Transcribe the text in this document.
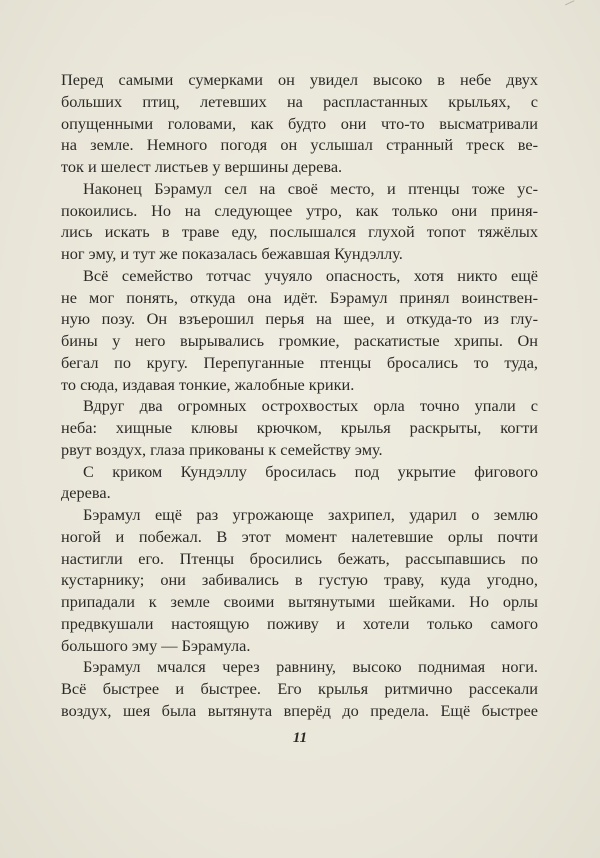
Перед самыми сумерками он увидел высоко в небе двух
больших птиц, летевших на распластанных крыльях, с
опущенными головами, как будто они что-то высматривали
на земле. Немного погодя он услышал странный треск ве-
ток и шелест листьев у вершины дерева.
Наконец Бэрамул сел на своё место, и птенцы тоже ус-
покоились. Но на следующее утро, как только они приня-
лись искать в траве еду, послышался глухой топот тяжёлых
ног эму, и тут же показалась бежавшая Кундэллу.
Всё семейство тотчас учуяло опасность, хотя никто ещё
не мог понять, откуда она идёт. Бэрамул принял воинствен-
ную позу. Он взъерошил перья на шее, и откуда-то из глу-
бины у него вырывались громкие, раскатистые хрипы. Он
бегал по кругу. Перепуганные птенцы бросались то туда,
то сюда, издавая тонкие, жалобные крики.
Вдруг два огромных острохвостых орла точно упали с
неба: хищные клювы крючком, крылья раскрыты, когти
рвут воздух, глаза прикованы к семейству эму.
С криком Кундэллу бросилась под укрытие фигового
дерева.
Бэрамул ещё раз угрожающе захрипел, ударил о землю
ногой и побежал. В этот момент налетевшие орлы почти
настигли его. Птенцы бросились бежать, рассыпавшись по
кустарнику; они забивались в густую траву, куда угодно,
припадали к земле своими вытянутыми шейками. Но орлы
предвкушали настоящую поживу и хотели только самого
большого эму — Бэрамула.
Бэрамул мчался через равнину, высоко поднимая ноги.
Всё быстрее и быстрее. Его крылья ритмично рассекали
воздух, шея была вытянута вперёд до предела. Ещё быстрее
11
